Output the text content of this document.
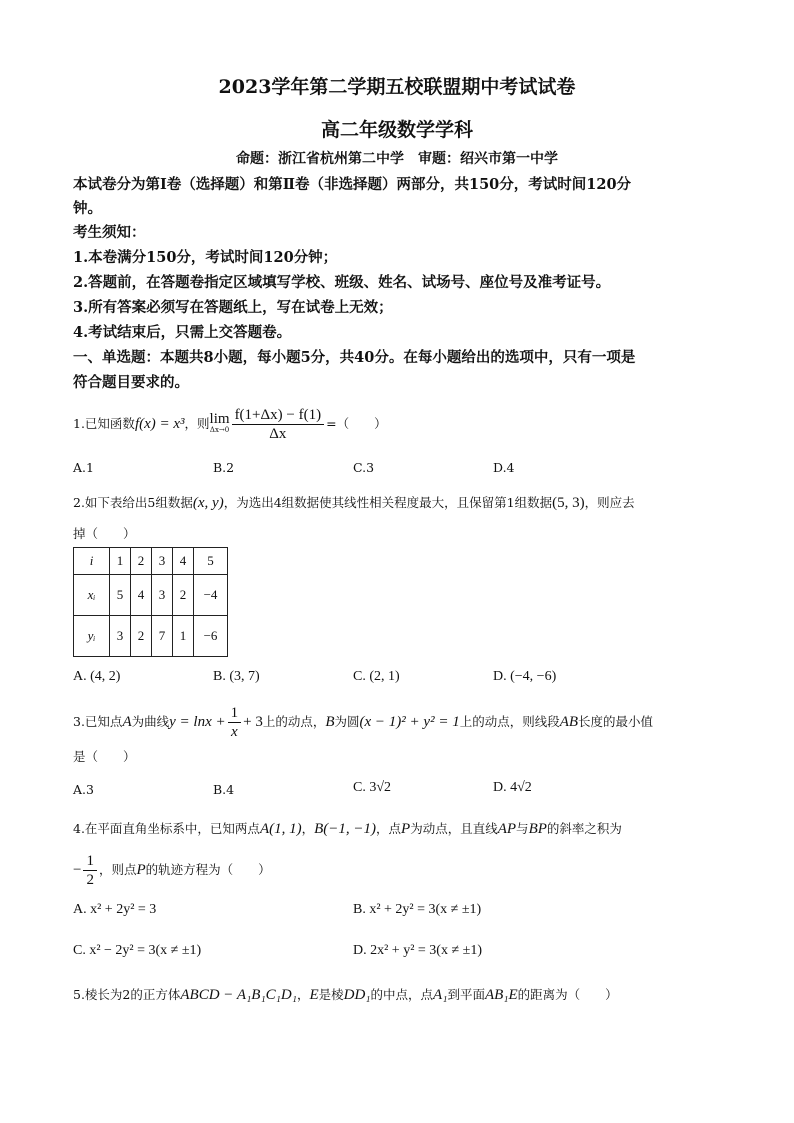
2023学年第二学期五校联盟期中考试试卷
高二年级数学学科
命题：浙江省杭州第二中学　审题：绍兴市第一中学
本试卷分为第Ⅰ卷（选择题）和第Ⅱ卷（非选择题）两部分，共150分，考试时间120分
钟。
考生须知：
1.本卷满分150分，考试时间120分钟；
2.答题前，在答题卷指定区域填写学校、班级、姓名、试场号、座位号及准考证号。
3.所有答案必须写在答题纸上，写在试卷上无效；
4.考试结束后，只需上交答题卷。
一、单选题：本题共8小题，每小题5分，共40分。在每小题给出的选项中，只有一项是
符合题目要求的。
1.已知函数f(x) = x³，则lim
$\Delta x\to 0 \frac{f(1+\Delta x) - f(1)}{\Delta x}$ =（　　）
A.1	B.2	C.3	D.4
2.如下表给出5组数据(x, y)，为选出4组数据使其线性相关程度最大，且保留第1组数据(5, 3)，则应去
掉（　　）
i	1	2	3	4	5
xᵢ	5	4	3	2	−4
yᵢ	3	2	7	1	−6
A. (4, 2)	B. (3, 7)	C. (2, 1)	D. (−4, −6)
3.已知点A为曲线$y = \ln x + \frac{1}{x} + 3$上的动点，B为圆(x − 1)² + y² = 1上的动点，则线段AB长度的最小值
是（　　）
A.3	B.4	C. 3√2	D. 4√2
4.在平面直角坐标系中，已知两点A(1, 1)，B(−1, −1)，点P为动点，且直线AP与BP的斜率之积为
− $\frac{1}{2}$ ，则点P的轨迹方程为（　　）
A. x² + 2y² = 3	B. x² + 2y² = 3(x ≠ ±1)
C. x² − 2y² = 3(x ≠ ±1)	D. 2x² + y² = 3(x ≠ ±1)
5.棱长为2的正方体ABCD − A₁B₁C₁D₁，E是棱DD₁的中点，点A₁到平面AB₁E的距离为（　　）
